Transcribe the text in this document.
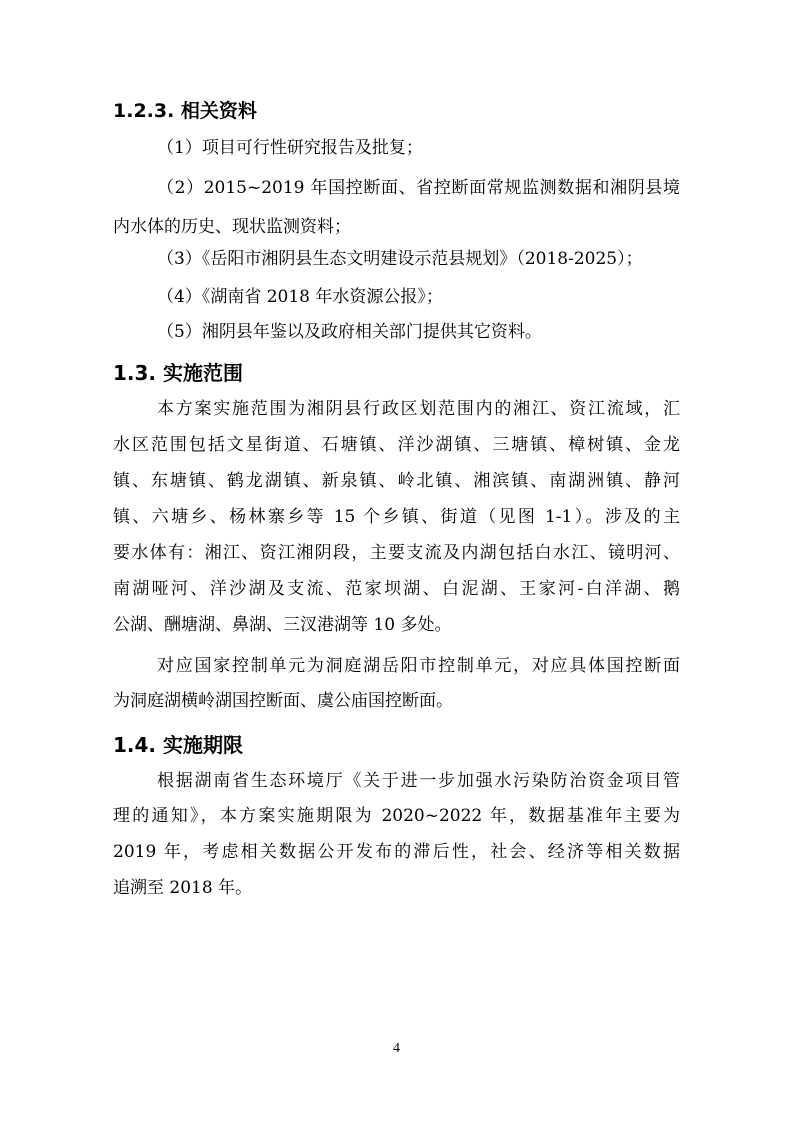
1.2.3. 相关资料

（1）项目可行性研究报告及批复；

（2）2015~2019 年国控断面、省控断面常规监测数据和湘阴县境

内水体的历史、现状监测资料；

（3）《岳阳市湘阴县生态文明建设示范县规划》（2018-2025）；

（4）《湖南省 2018 年水资源公报》；

（5）湘阴县年鉴以及政府相关部门提供其它资料。

1.3. 实施范围

本方案实施范围为湘阴县行政区划范围内的湘江、资江流域，汇

水区范围包括文星街道、石塘镇、洋沙湖镇、三塘镇、樟树镇、金龙

镇、东塘镇、鹤龙湖镇、新泉镇、岭北镇、湘滨镇、南湖洲镇、静河

镇、六塘乡、杨林寨乡等 15 个乡镇、街道（见图 1-1）。涉及的主

要水体有：湘江、资江湘阴段，主要支流及内湖包括白水江、镜明河、

南湖哑河、洋沙湖及支流、范家坝湖、白泥湖、王家河-白洋湖、鹅

公湖、酬塘湖、鼻湖、三汊港湖等 10 多处。

对应国家控制单元为洞庭湖岳阳市控制单元，对应具体国控断面

为洞庭湖横岭湖国控断面、虞公庙国控断面。

1.4. 实施期限

根据湖南省生态环境厅《关于进一步加强水污染防治资金项目管

理的通知》，本方案实施期限为 2020~2022 年，数据基准年主要为

2019 年，考虑相关数据公开发布的滞后性，社会、经济等相关数据

追溯至 2018 年。

4
